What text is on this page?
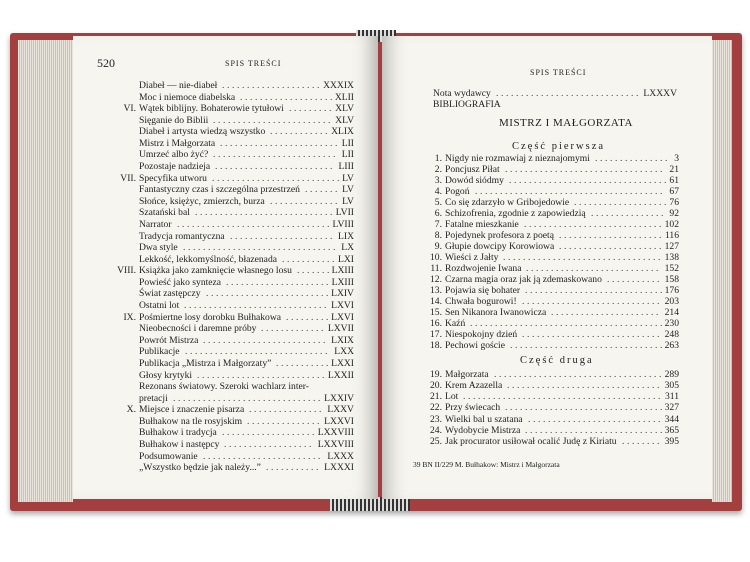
520	SPIS TREŚCI
Diabeł — nie-diabeł	XXXIX
....................
Moc i niemoce diabelska	XLII
...................
VI. Wątek biblijny. Bohaterowie tytułowi	XLV
.........
Sięganie do Biblii	XLV
........................
Diabeł i artysta wiedzą wszystko	XLIX
............
Mistrz i Małgorzata	LII
........................
Umrzeć albo żyć?	LII
.........................
Pozostaje nadzieja	LIII
........................
VII. Specyfika utworu	LV
..........................
Fantastyczny czas i szczególna przestrzeń	LV
.......
Słońce, księżyc, zmierzch, burza	LV
..............
Szatański bal	LVII
............................
Narrator	LVIII
...............................
Tradycja romantyczna	LIX
.....................
Dwa style	LX
...............................
Lekkość, lekkomyślność, błazenada	LXI
...........
VIII. Książka jako zamknięcie własnego losu	LXIII
.......
Powieść jako synteza	LXIII
.....................
Świat zastępczy	LXIV
.........................
Ostatni lot	LXVI
.............................
IX. Pośmiertne losy dorobku Bułhakowa	LXVI
.........
Nieobecności i daremne próby	LXVII
.............
Powrót Mistrza	LXIX
.........................
Publikacje	LXX
.............................
Publikacja „Mistrza i Małgorzaty”	LXXI
...........
Głosy krytyki	LXXII
..........................
Rezonans światowy. Szeroki wachlarz inter-
pretacji	LXXIV
..............................
X. Miejsce i znaczenie pisarza	LXXV
...............
Bułhakow na tle rosyjskim	LXXVI
...............
Bułhakow i tradycja	LXXVIII
...................
Bułhakow i następcy	LXXVIII
..................
Podsumowanie	LXXX
........................
„Wszystko będzie jak należy...”	LXXXI
...........
SPIS TREŚCI
Nota wydawcy	LXXXV
.............................
BIBLIOGRAFIA
MISTRZ I MAŁGORZATA
Część pierwsza
1. Nigdy nie rozmawiaj z nieznajomymi	3
...............
2. Poncjusz Piłat	21
................................
3. Dowód siódmy	61
................................
4. Pogoń	67
......................................
5. Co się zdarzyło w Gribojedowie	76
...................
6. Schizofrenia, zgodnie z zapowiedzią	92
...............
7. Fatalne mieszkanie	102
............................
8. Pojedynek profesora z poetą	116
.....................
9. Głupie dowcipy Korowiowa	127
.....................
10. Wieści z Jałty	138
................................
11. Rozdwojenie Iwana	152
...........................
12. Czarna magia oraz jak ją zdemaskowano	158
...........
13. Pojawia się bohater	176
............................
14. Chwała bogurowi!	203
............................
15. Sen Nikanora Iwanowicza	214
......................
16. Kaźń	230
.......................................
17. Niespokojny dzień	248
............................
18. Pechowi goście	263
...............................
Część druga
19. Małgorzata	289
..................................
20. Krem Azazella	305
...............................
21. Lot	311
........................................
22. Przy świecach	327
................................
23. Wielki bal u szatana	344
...........................
24. Wydobycie Mistrza	365
............................
25. Jak procurator usiłował ocalić Judę z Kiriatu	395
........
39 BN II/229 M. Bułhakow: Mistrz i Małgorzata
